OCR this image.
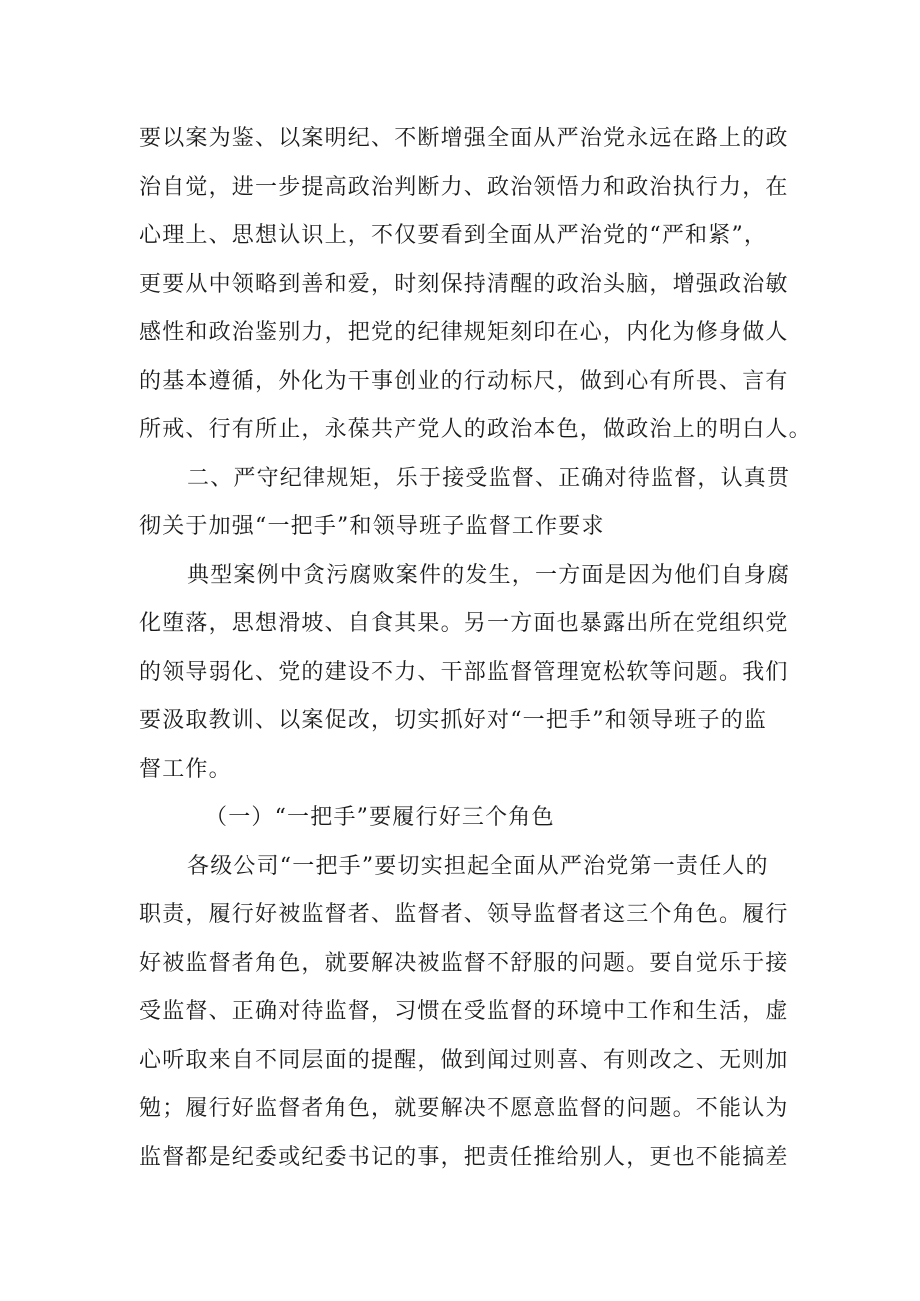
要以案为鉴、以案明纪、不断增强全面从严治党永远在路上的政
治自觉，进一步提高政治判断力、政治领悟力和政治执行力，在
心理上、思想认识上，不仅要看到全面从严治党的“严和紧”，
更要从中领略到善和爱，时刻保持清醒的政治头脑，增强政治敏
感性和政治鉴别力，把党的纪律规矩刻印在心，内化为修身做人
的基本遵循，外化为干事创业的行动标尺，做到心有所畏、言有
所戒、行有所止，永葆共产党人的政治本色，做政治上的明白人。
二、严守纪律规矩，乐于接受监督、正确对待监督，认真贯
彻关于加强“一把手”和领导班子监督工作要求
典型案例中贪污腐败案件的发生，一方面是因为他们自身腐
化堕落，思想滑坡、自食其果。另一方面也暴露出所在党组织党
的领导弱化、党的建设不力、干部监督管理宽松软等问题。我们
要汲取教训、以案促改，切实抓好对“一把手”和领导班子的监
督工作。
（一）“一把手”要履行好三个角色
各级公司“一把手”要切实担起全面从严治党第一责任人的
职责，履行好被监督者、监督者、领导监督者这三个角色。履行
好被监督者角色，就要解决被监督不舒服的问题。要自觉乐于接
受监督、正确对待监督，习惯在受监督的环境中工作和生活，虚
心听取来自不同层面的提醒，做到闻过则喜、有则改之、无则加
勉；履行好监督者角色，就要解决不愿意监督的问题。不能认为
监督都是纪委或纪委书记的事，把责任推给别人，更也不能搞差
